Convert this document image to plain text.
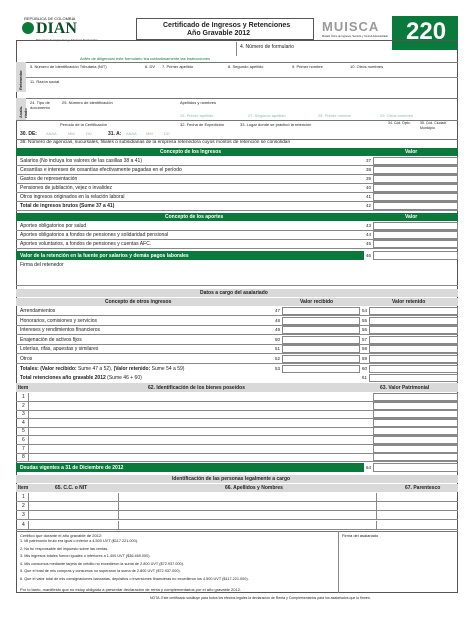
REPÚBLICA DE COLOMBIA
DIAN
Dirección de Impuestos y Aduanas Nacionales
Certificado de Ingresos y Retenciones
Año Gravable 2012	MUISCA
Modelo Único de Ingresos, Servicio y Control Automatizado 220
4. Número de formulario
Antes de diligenciar este formulario lea cuidadosamente las instrucciones
Retenedor
5. Número de Identificación Tributaria (NIT)	6. DV 7. Primer apellido	8. Segundo apellido	9. Primer nombre	10. Otros nombres
11. Razón social
Asala-riado
24. Tipo de documento
25. Número de identificación	Apellidos y nombres
26. Primer apellido	27. Segundo apellido	28. Primer nombre	29. Otros nombres
Período de la Certificación	32. Fecha de Expedición	33. Lugar donde se practicó la retención	34. Cód. Dpto.	35. Cód. Ciudad/ Municipio
30. DE: AAAA	MM	DD	31. A: AAAA MM	DD
36. Número de agencias, sucursales, filiales o subsidiarias de la empresa retenedora cuyos montos de retención se consolidan
Concepto de los Ingresos	Valor
Salarios (No incluya los valores de las casillas 38 a 41)	37
Cesantías e intereses de cesantías efectivamente pagadas en el período	38
Gastos de representación	39
Pensiones de jubilación, vejez o invalidez	40
Otros ingresos originados en la relación laboral	41
Total de ingresos brutos (Sume 37 a 41)	42
Concepto de los aportes	Valor
Aportes obligatorios por salud	43
Aportes obligatorios a fondos de pensiones y solidaridad pensional	44
Aportes voluntarios, a fondos de pensiones y cuentas AFC.	45
Valor de la retención en la fuente por salarios y demás pagos laborales	46
Firma del retenedor
Datos a cargo del asalariado
Concepto de otros ingresos	Valor recibido	Valor retenido
Arrendamientos	47	54
Honorarios, comisiones y servicios	48	55
Intereses y rendimientos financieros	49	56
Enajenación de activos fijos	50	57
Loterías, rifas, apuestas y similares	51	58
Otros	52	59
Totales: (Valor recibido: Sume 47 a 52), (Valor retenido: Sume 54 a 59)	53	60
Total retenciones año gravable 2012 (Sume 46 + 60)	61
Item	62. Identificación de los bienes poseídos	63. Valor Patrimonial
1
2
3
4
5
6
7
8
Deudas vigentes a 31 de Diciembre de 2012	64
Identificación de las personas legalmente a cargo
Item	65. C.C. o NIT	66. Apellidos y Nombres	67. Parentesco
1
2
3
4
Certifico que durante el año gravable de 2012:
1. Mi patrimonio bruto era igual o inferior a 4.500 UVT ($117.221.000).
2. No fui responsable del impuesto sobre las ventas.
3. Mis ingresos totales fueron iguales o inferiores a 1.400 UVT ($36.469.000).
4. Mis consumos mediante tarjeta de crédito no excedieron la suma de 2.800 UVT ($72.937.000).
5. Que el total de mis compras y consumos no superaron la suma de 2.800 UVT ($72.937.000).
6. Que el valor total de mis consignaciones bancarias, depósitos o inversiones financieras no excedieron los 4.500 UVT ($117.221.000).
Por lo tanto, manifiesto que no estoy obligado a presentar declaración de renta y complementarios por el año gravable 2012.
Firma del asalariado
NOTA: Este certificado sustituye para todos los efectos legales la declaración de Renta y Complementarios para los asalariados que lo firmen.
